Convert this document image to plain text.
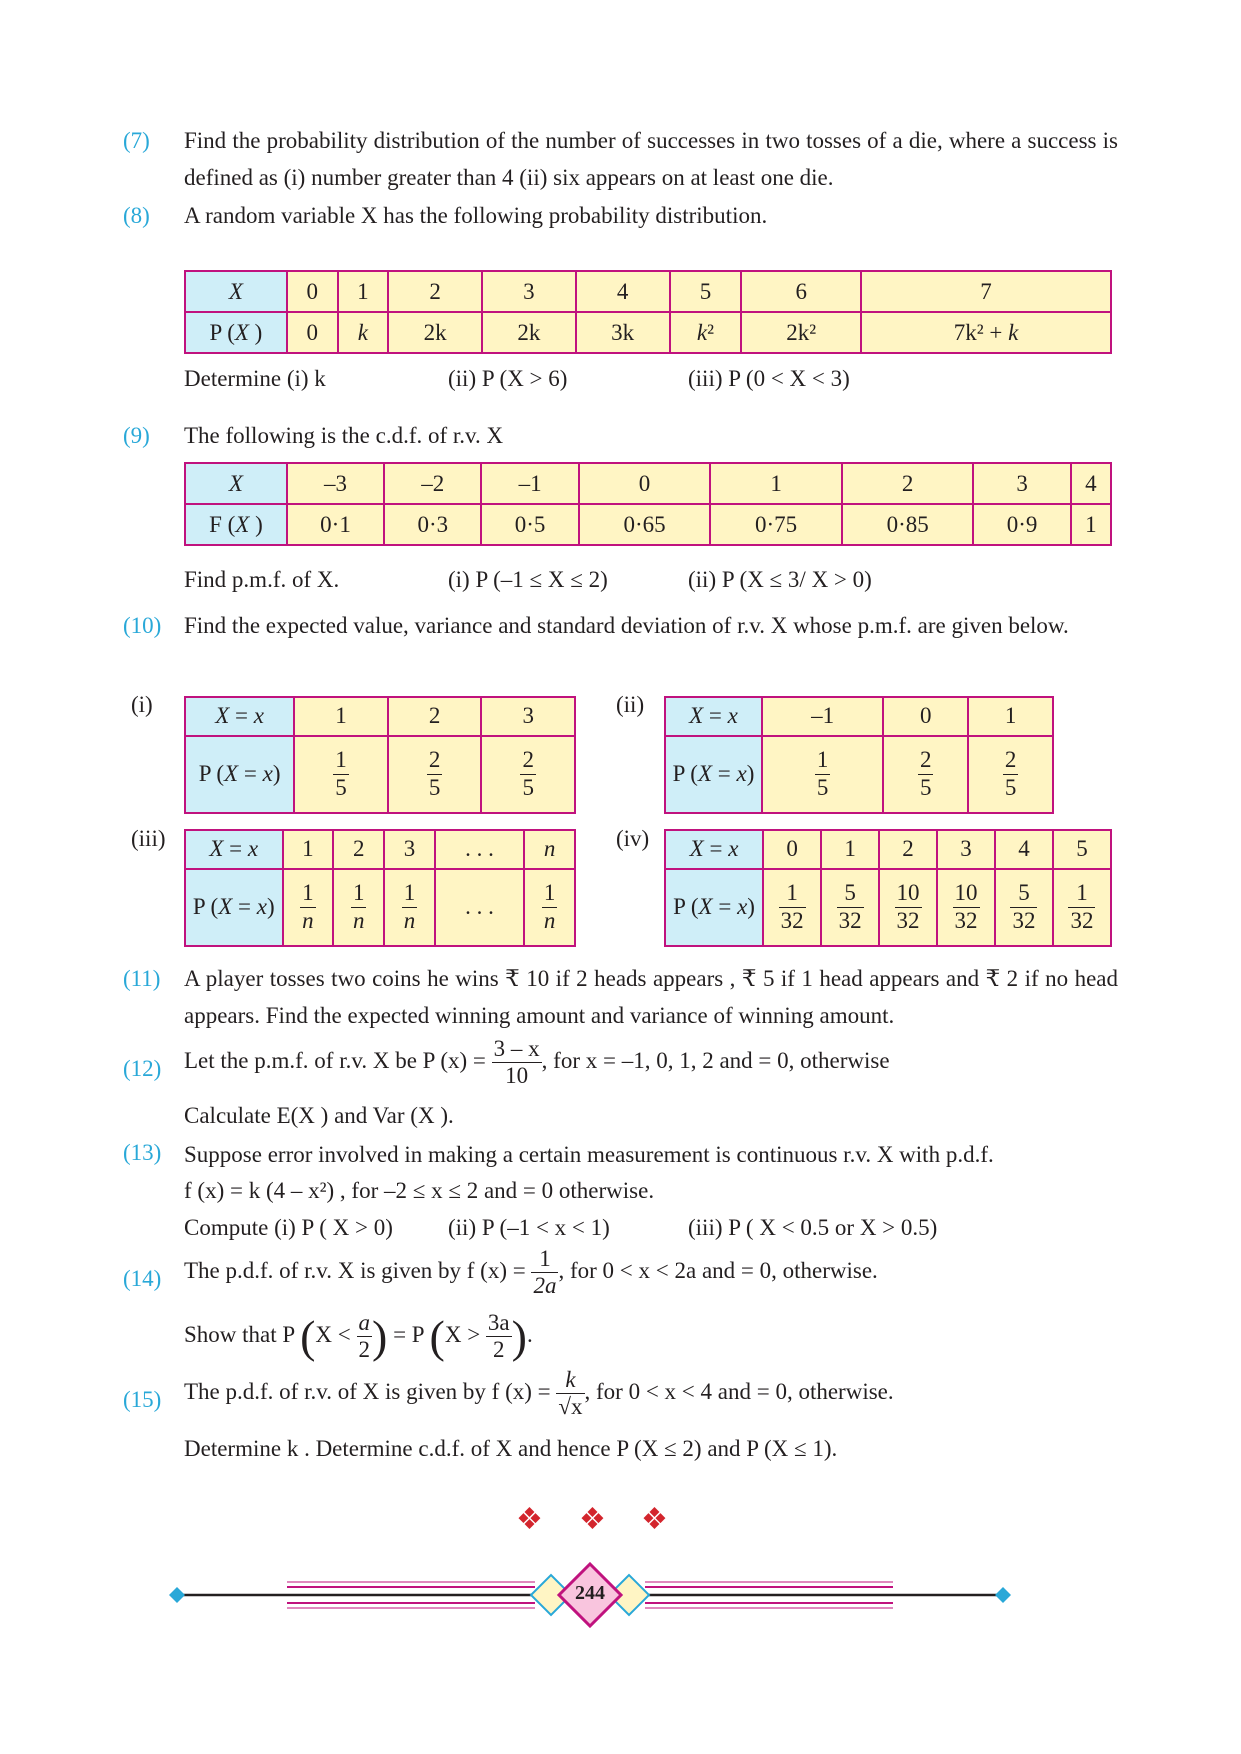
(7) Find the probability distribution of the number of successes in two tosses of a die, where a success is defined as (i) number greater than 4 (ii) six appears on at least one die.
(8) A random variable X has the following probability distribution.
X	0	1	2	3	4	5	6	7
P (X )	0	k	2k	2k	3k	k²	2k²	7k² + k
Determine (i) k	(ii) P (X > 6)	(iii) P (0 < X < 3)
(9) The following is the c.d.f. of r.v. X
X	–3	–2	–1	0	1	2	3	4
F (X )	0·1	0·3	0·5	0·65	0·75	0·85	0·9	1
Find p.m.f. of X.	(i) P (–1 ≤ X ≤ 2)	(ii) P (X ≤ 3/ X > 0)
(10) Find the expected value, variance and standard deviation of r.v. X whose p.m.f. are given below.
(i)	X = x	1	2	3
P (X = x)	$\frac{1}{5}$	$\frac{2}{5}$	$\frac{2}{5}$
(ii) X = x	–1	0	1
P (X = x)	$\frac{1}{5}$	$\frac{2}{5}$	$\frac{2}{5}$
(iii) X = x	1	2	3	. . .	n
P (X = x)	$\frac{1}{n}$	$\frac{1}{n}$	$\frac{1}{n}$	. . .	$\frac{1}{n}$
(iv) X = x	0	1	2	3	4	5
P (X = x)	$\frac{1}{32}$	$\frac{5}{32}$	$\frac{10}{32}$	$\frac{10}{32}$	$\frac{5}{32}$	$\frac{1}{32}$
(11) A player tosses two coins he wins ₹ 10 if 2 heads appears , ₹ 5 if 1 head appears and ₹ 2 if no head appears. Find the expected winning amount and variance of winning amount.
(12) Let the p.m.f. of r.v. X be P $(x) = \frac{3 - x}{10}$ , for x = –1, 0, 1, 2 and = 0, otherwise
Calculate E(X ) and Var (X ).
(13) Suppose error involved in making a certain measurement is continuous r.v. X with p.d.f.
f (x) = k (4 – x²) , for –2 ≤ x ≤ 2 and = 0 otherwise.
Compute (i) P ( X > 0) (ii) P (–1 < x < 1)	(iii) P ( X < 0.5 or X > 0.5)
(14) The p.d.f. of r.v. X is given by f $(x) = \frac{1}{2a}$ , for 0 < x < 2a and = 0, otherwise.
Show that P ($X < \frac{a}{2}$ ) = P ($X > \frac{3a}{2}$ ).
(15) The p.d.f. of r.v. of X is given by f $(x) = \frac{k}{√x}$ , for 0 < x < 4 and = 0, otherwise.
Determine k . Determine c.d.f. of X and hence P (X ≤ 2) and P (X ≤ 1).
❖ ❖ ❖
244
